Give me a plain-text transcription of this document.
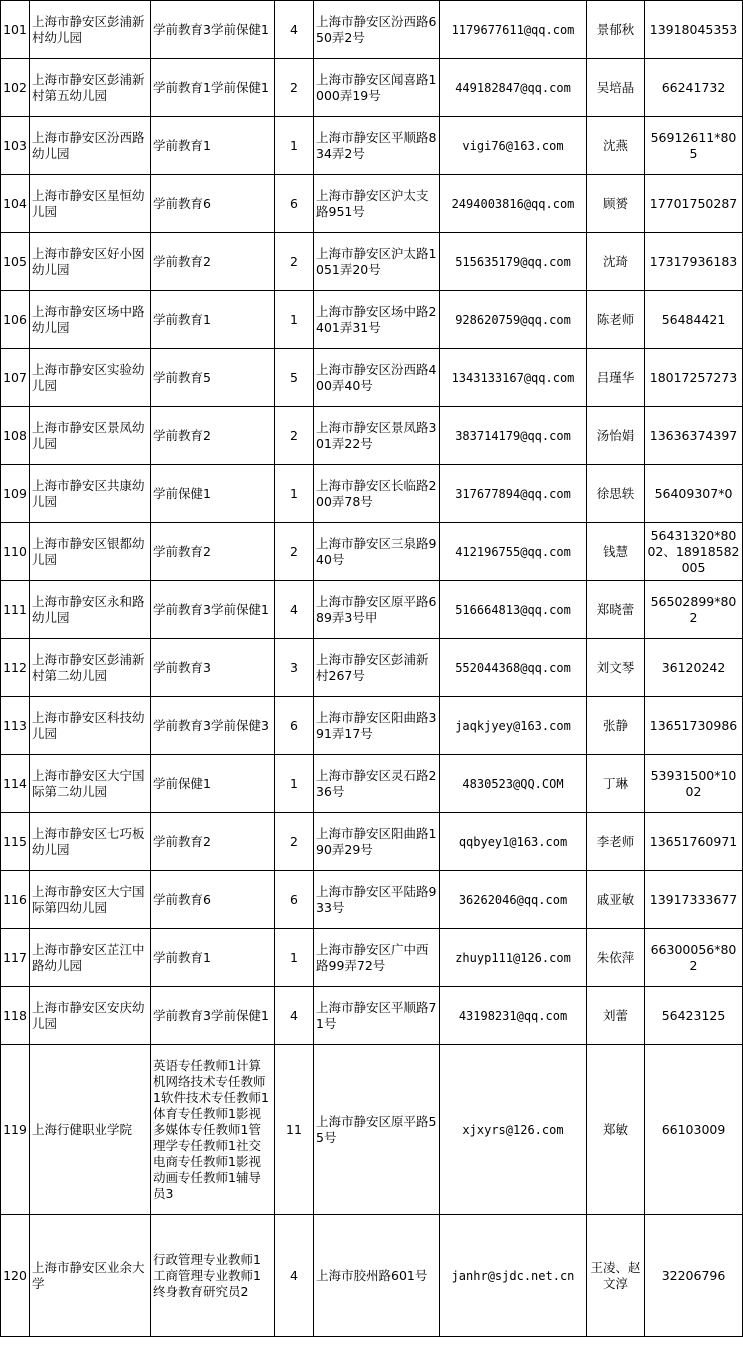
101	上海市静安区彭浦新村幼儿园	学前教育3学前保健1	4	上海市静安区汾西路650弄2号	1179677611@qq.com	景郁秋	13918045353
102	上海市静安区彭浦新村第五幼儿园	学前教育1学前保健1	2	上海市静安区闻喜路1000弄19号	449182847@qq.com	吴培晶	66241732
103	上海市静安区汾西路幼儿园	学前教育1	1	上海市静安区平顺路834弄2号	vigi76@163.com	沈燕	56912611*805
104	上海市静安区星恒幼儿园	学前教育6	6	上海市静安区沪太支路951号	2494003816@qq.com	顾赟	17701750287
105	上海市静安区好小囡幼儿园	学前教育2	2	上海市静安区沪太路1051弄20号	515635179@qq.com	沈琦	17317936183
106	上海市静安区场中路幼儿园	学前教育1	1	上海市静安区场中路2401弄31号	928620759@qq.com	陈老师	56484421
107	上海市静安区实验幼儿园	学前教育5	5	上海市静安区汾西路400弄40号	1343133167@qq.com	吕瑾华	18017257273
108	上海市静安区景凤幼儿园	学前教育2	2	上海市静安区景凤路301弄22号	383714179@qq.com	汤怡娟	13636374397
109	上海市静安区共康幼儿园	学前保健1	1	上海市静安区长临路200弄78号	317677894@qq.com	徐思轶	56409307*0
110	上海市静安区银都幼儿园	学前教育2	2	上海市静安区三泉路940号	412196755@qq.com	钱慧	56431320*8002、18918582005
111	上海市静安区永和路幼儿园	学前教育3学前保健1	4	上海市静安区原平路689弄3号甲	516664813@qq.com	郑晓蕾	56502899*802
112	上海市静安区彭浦新村第二幼儿园	学前教育3	3	上海市静安区彭浦新村267号	552044368@qq.com	刘文琴	36120242
113	上海市静安区科技幼儿园	学前教育3学前保健3	6	上海市静安区阳曲路391弄17号	jaqkjyey@163.com	张静	13651730986
114	上海市静安区大宁国际第二幼儿园	学前保健1	1	上海市静安区灵石路236号	4830523@QQ.COM	丁琳	53931500*1002
115	上海市静安区七巧板幼儿园	学前教育2	2	上海市静安区阳曲路190弄29号	qqbyey1@163.com	李老师	13651760971
116	上海市静安区大宁国际第四幼儿园	学前教育6	6	上海市静安区平陆路933号	36262046@qq.com	戚亚敏	13917333677
117	上海市静安区芷江中路幼儿园	学前教育1	1	上海市静安区广中西路99弄72号	zhuyp111@126.com	朱依萍	66300056*802
118	上海市静安区安庆幼儿园	学前教育3学前保健1	4	上海市静安区平顺路71号	43198231@qq.com	刘蕾	56423125
119	上海行健职业学院	英语专任教师1计算机网络技术专任教师1软件技术专任教师1体育专任教师1影视多媒体专任教师1管理学专任教师1社交电商专任教师1影视动画专任教师1辅导员3	11	上海市静安区原平路55号	xjxyrs@126.com	郑敏	66103009
120	上海市静安区业余大学	行政管理专业教师1工商管理专业教师1终身教育研究员2	4	上海市胶州路601号	janhr@sjdc.net.cn	王凌、赵文淳	32206796
